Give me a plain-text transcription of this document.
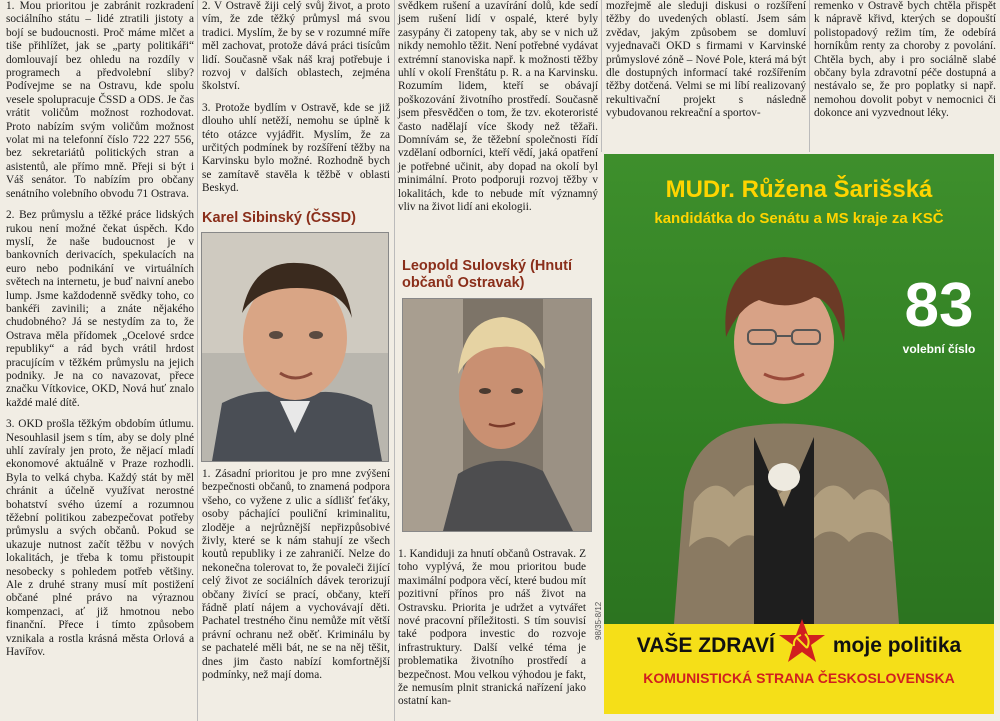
1. Mou prioritou je zabránit rozkradení sociálního státu – lidé ztratili jistoty a bojí se budoucnosti. Proč máme mlčet a tiše přihlížet, jak se „party politikáři“ domlouvají bez ohledu na rozdíly v programech a předvolební sliby? Podívejme se na Ostravu, kde spolu vesele spolupracuje ČSSD a ODS. Je čas vrátit voličům možnost rozhodovat. Proto nabízím svým voličům možnost volat mi na telefonní číslo 722 227 556, bez sekretariátů politických stran a asistentů, ale přímo mně. Přeji si být i Váš senátor. To nabízím pro občany senátního volebního obvodu 71 Ostrava.

2. Bez průmyslu a těžké práce lidských rukou není možné čekat úspěch. Kdo myslí, že naše budoucnost je v bankovních derivacích, spekulacích na euro nebo podnikání ve virtuálních světech na internetu, je buď naivní anebo lump. Jsme každodenně svědky toho, co bankéři zavinili; a znáte nějakého chudobného? Já se nestydím za to, že Ostrava měla přídomek „Ocelové srdce republiky“ a rád bych vrátil hrdost pracujícím v těžkém průmyslu na jejich podniky. Je na co navazovat, přece značku Vítkovice, OKD, Nová huť znalo každé malé dítě.

3. OKD prošla těžkým obdobím útlumu. Nesouhlasil jsem s tím, aby se doly plné uhlí zavíraly jen proto, že nějací mladí ekonomové aktuálně v Praze rozhodli. Byla to velká chyba. Každý stát by měl chránit a účelně využívat nerostné bohatství svého území a rozumnou těžební politikou zabezpečovat potřeby průmyslu a svých občanů. Pokud se ukazuje nutnost začít těžbu v nových lokalitách, je třeba k tomu přistoupit nesobecky s pohledem potřeb většiny. Ale z druhé strany musí mít postižení občané plné právo na výraznou kompenzaci, ať již hmotnou nebo finanční. Přece i tímto způsobem vznikala a rostla krásná města Orlová a Havířov.

2. V Ostravě žiji celý svůj život, a proto vím, že zde těžký průmysl má svou tradici. Myslím, že by se v rozumné míře měl zachovat, protože dává práci tisícům lidí. Současně však náš kraj potřebuje i rozvoj v dalších oblastech, zejména školství.

3. Protože bydlím v Ostravě, kde se již dlouho uhlí netěží, nemohu se úplně k této otázce vyjádřit. Myslím, že za určitých podmínek by rozšíření těžby na Karvinsku bylo možné. Rozhodně bych se zamítavě stavěla k těžbě v oblasti Beskyd.

Karel Sibinský (ČSSD)

1. Zásadní prioritou je pro mne zvýšení bezpečnosti občanů, to znamená podpora všeho, co vyžene z ulic a sídlišť feťáky, osoby páchající pouliční kriminalitu, zloděje a nejrůznější nepřizpůsobivé živly, které se k nám stahují ze všech koutů republiky i ze zahraničí. Nelze do nekonečna tolerovat to, že povaleči žijící celý život ze sociálních dávek terorizují občany živící se prací, občany, kteří řádně platí nájem a vychovávají děti. Pachatel trestného činu nemůže mít větší právní ochranu než oběť. Kriminálu by se pachatelé měli bát, ne se na něj těšit, dnes jim často nabízí komfortnější podmínky, než mají doma.

svědkem rušení a uzavírání dolů, kde sedí jsem rušení lidí v ospalé, které byly zasypány či zatopeny tak, aby se v nich už nikdy nemohlo těžit. Není potřebné vydávat extrémní stanoviska např. k možnosti těžby uhlí v okolí Frenštátu p. R. a na Karvinsku. Rozumím lidem, kteří se obávají poškozování životního prostředí. Současně jsem přesvědčen o tom, že tzv. ekoteroristé často nadělají více škody než těžaři. Domnívám se, že těžební společnosti řídí vzdělaní odborníci, kteří vědí, jaká opatření je potřebné učinit, aby dopad na okolí byl minimální. Proto podporuji rozvoj těžby v lokalitách, kde to nebude mít významný vliv na život lidí ani ekologii.

Leopold Sulovský (Hnutí občanů Ostravak)

1. Kandiduji za hnutí občanů Ostravak. Z toho vyplývá, že mou prioritou bude maximální podpora věcí, které budou mít pozitivní přínos pro náš život na Ostravsku. Priorita je udržet a vytvářet nové pracovní příležitosti. S tím souvisí také podpora investic do rozvoje infrastruktury. Další velké téma je problematika životního prostředí a bezpečnost. Mou velkou výhodou je fakt, že nemusím plnit stranická nařízení jako ostatní kan-

mozřejmě ale sleduji diskusi o rozšíření těžby do uvedených oblastí. Jsem sám zvědav, jakým způsobem se domluví vyjednavači OKD s firmami v Karvinské průmyslové zóně – Nové Pole, která má být dle dostupných informací také rozšířením těžby dotčená. Velmi se mi líbí realizovaný rekultivační projekt s následně vybudovanou rekreační a sportov-

remenko v Ostravě bych chtěla přispět k nápravě křivd, kterých se dopouští polistopadový režim tím, že odebírá horníkům renty za choroby z povolání. Chtěla bych, aby i pro sociálně slabé občany byla zdravotní péče dostupná a nestávalo se, že pro poplatky si např. nemohou dovolit pobyt v nemocnici či dokonce ani vyzvednout léky.

MUDr. Růžena Šarišská
kandidátka do Senátu a MS kraje za KSČ
83
volební číslo
VAŠE ZDRAVÍ	moje politika
KOMUNISTICKÁ STRANA ČESKOSLOVENSKA
98/35-8/12
